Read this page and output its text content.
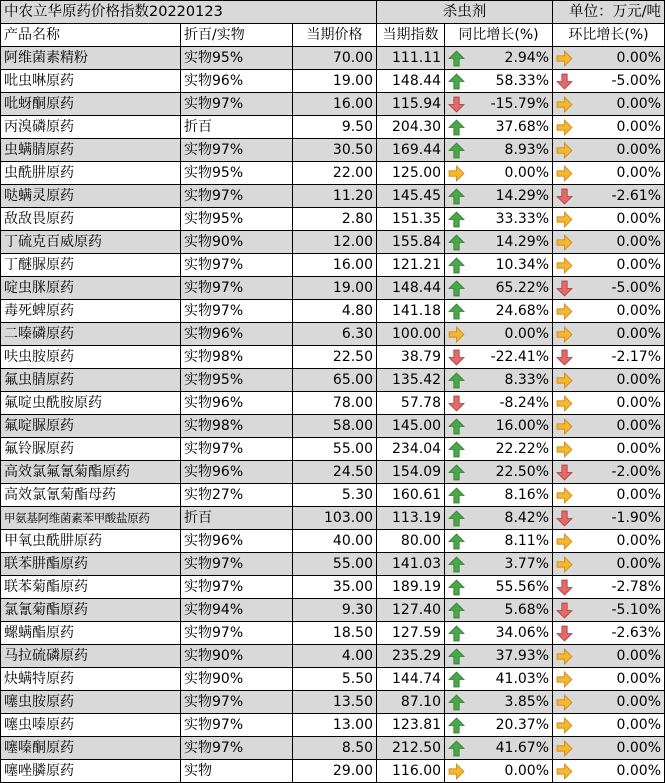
中农立华原药价格指数20220123			杀虫剂		单位：万元/吨
产品名称	折百/实物	当期价格	当期指数	同比增长(%)	环比增长(%)
阿维菌素精粉	实物95%	70.00	111.11	2.94%	0.00%

吡虫啉原药	实物96%	19.00	148.44	58.33%	-5.00%

吡蚜酮原药	实物97%	16.00	115.94	-15.79%	0.00%

丙溴磷原药	折百	9.50	204.30	37.68%	0.00%

虫螨腈原药	实物97%	30.50	169.44	8.93%	0.00%

虫酰肼原药	实物95%	22.00	125.00	0.00%	0.00%

哒螨灵原药	实物97%	11.20	145.45	14.29%	-2.61%

敌敌畏原药	实物95%	2.80	151.35	33.33%	0.00%

丁硫克百威原药	实物90%	12.00	155.84	14.29%	0.00%

丁醚脲原药	实物97%	16.00	121.21	10.34%	0.00%

啶虫脒原药	实物97%	19.00	148.44	65.22%	-5.00%

毒死蜱原药	实物97%	4.80	141.18	24.68%	0.00%

二嗪磷原药	实物96%	6.30	100.00	0.00%	0.00%

呋虫胺原药	实物98%	22.50	38.79	-22.41%	-2.17%

氟虫腈原药	实物95%	65.00	135.42	8.33%	0.00%

氟啶虫酰胺原药	实物96%	78.00	57.78	-8.24%	0.00%

氟啶脲原药	实物98%	58.00	145.00	16.00%	0.00%

氟铃脲原药	实物97%	55.00	234.04	22.22%	0.00%

高效氯氟氰菊酯原药	实物96%	24.50	154.09	22.50%	-2.00%

高效氯氰菊酯母药	实物27%	5.30	160.61	8.16%	0.00%

甲氨基阿维菌素苯甲酸盐原药	折百	103.00	113.19	8.42%	-1.90%

甲氧虫酰肼原药	实物96%	40.00	80.00	8.11%	0.00%

联苯肼酯原药	实物97%	55.00	141.03	3.77%	0.00%

联苯菊酯原药	实物97%	35.00	189.19	55.56%	-2.78%

氯氰菊酯原药	实物94%	9.30	127.40	5.68%	-5.10%

螺螨酯原药	实物97%	18.50	127.59	34.06%	-2.63%

马拉硫磷原药	实物90%	4.00	235.29	37.93%	0.00%

炔螨特原药	实物90%	5.50	144.74	41.03%	0.00%

噻虫胺原药	实物97%	13.50	87.10	3.85%	0.00%

噻虫嗪原药	实物97%	13.00	123.81	20.37%	0.00%

噻嗪酮原药	实物97%	8.50	212.50	41.67%	0.00%

噻唑膦原药	实物	29.00	116.00	0.00%	0.00%
